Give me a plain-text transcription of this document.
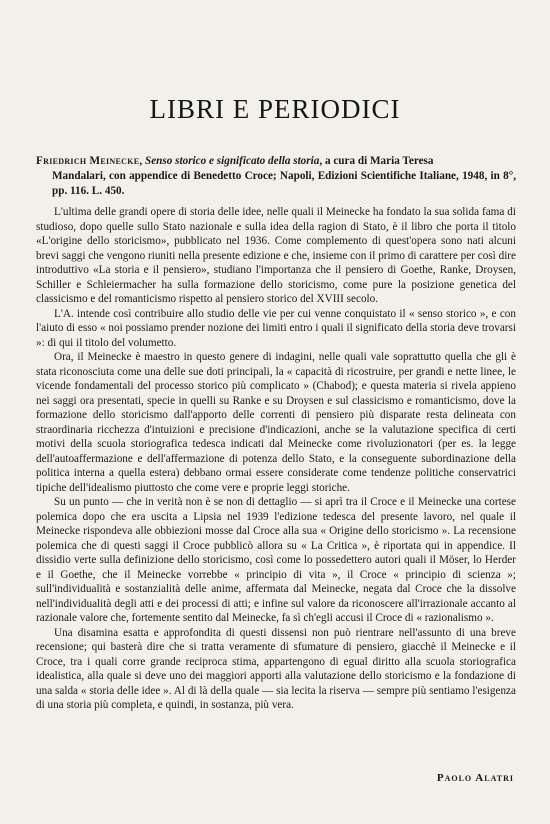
LIBRI E PERIODICI
Friedrich Meinecke, Senso storico e significato della storia, a cura di Maria Teresa
Mandalari, con appendice di Benedetto Croce; Napoli, Edizioni Scientifiche Italiane, 1948, in 8°, pp. 116. L. 450.

L'ultima delle grandi opere di storia delle idee, nelle quali il Meinecke ha fondato la sua solida fama di studioso, dopo quelle sullo Stato nazionale e sulla idea della ragion di Stato, è il libro che porta il titolo «L'origine dello storicismo», pubblicato nel 1936. Come complemento di quest'opera sono nati alcuni brevi saggi che vengono riuniti nella presente edizione e che, insieme con il primo di carattere per così dire introduttivo «La storia e il pensiero», studiano l'importanza che il pensiero di Goethe, Ranke, Droysen, Schiller e Schleiermacher ha sulla formazione dello storicismo, come pure la posizione genetica del classicismo e del romanticismo rispetto al pensiero storico del XVIII secolo.

L'A. intende così contribuire allo studio delle vie per cui venne conquistato il « senso storico », e con l'aiuto di esso « noi possiamo prender nozione dei limiti entro i quali il significato della storia deve trovarsi »: di qui il titolo del volumetto.

Ora, il Meinecke è maestro in questo genere di indagini, nelle quali vale soprattutto quella che gli è stata riconosciuta come una delle sue doti principali, la « capacità di ricostruire, per grandi e nette linee, le vicende fondamentali del processo storico più complicato » (Chabod); e questa materia si rivela appieno nei saggi ora presentati, specie in quelli su Ranke e su Droysen e sul classicismo e romanticismo, dove la formazione dello storicismo dall'apporto delle correnti di pensiero più disparate resta delineata con straordinaria ricchezza d'intuizioni e precisione d'indicazioni, anche se la valutazione specifica di certi motivi della scuola storiografica tedesca indicati dal Meinecke come rivoluzionatori (per es. la legge dell'autoaffermazione e dell'affermazione di potenza dello Stato, e la conseguente subordinazione della politica interna a quella estera) debbano ormai essere considerate come tendenze politiche conservatrici tipiche dell'idealismo piuttosto che come vere e proprie leggi storiche.

Su un punto — che in verità non è se non di dettaglio — si aprì tra il Croce e il Meinecke una cortese polemica dopo che era uscita a Lipsia nel 1939 l'edizione tedesca del presente lavoro, nel quale il Meinecke rispondeva alle obbiezioni mosse dal Croce alla sua « Origine dello storicismo ». La recensione polemica che di questi saggi il Croce pubblicò allora su « La Critica », è riportata qui in appendice. Il dissidio verte sulla definizione dello storicismo, così come lo possedettero autori quali il Möser, lo Herder e il Goethe, che il Meinecke vorrebbe « principio di vita », il Croce « principio di scienza »; sull'individualità e sostanzialità delle anime, affermata dal Meinecke, negata dal Croce che la dissolve nell'individualità degli atti e dei processi di atti; e infine sul valore da riconoscere all'irrazionale accanto al razionale valore che, fortemente sentito dal Meinecke, fa sì ch'egli accusi il Croce di « razionalismo ».

Una disamina esatta e approfondita di questi dissensi non può rientrare nell'assunto di una breve recensione; qui basterà dire che si tratta veramente di sfumature di pensiero, giacchè il Meinecke e il Croce, tra i quali corre grande reciproca stima, appartengono di egual diritto alla scuola storiografica idealistica, alla quale si deve uno dei maggiori apporti alla valutazione dello storicismo e la fondazione di una salda « storia delle idee ». Al di là della quale — sia lecita la riserva — sempre più sentiamo l'esigenza di una storia più completa, e quindi, in sostanza, più vera.

Paolo Alatri
